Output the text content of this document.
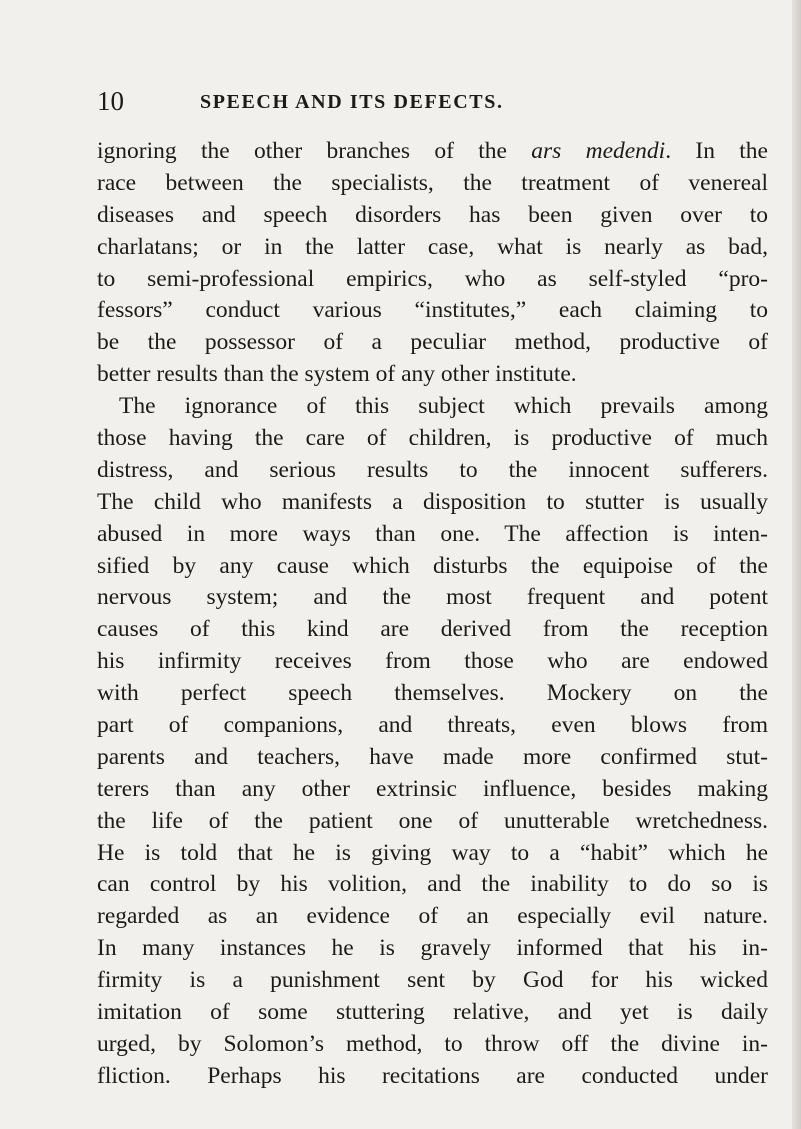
10	SPEECH AND ITS DEFECTS.
ignoring the other branches of the ars medendi. In the
race between the specialists, the treatment of venereal
diseases and speech disorders has been given over to
charlatans; or in the latter case, what is nearly as bad,
to semi-professional empirics, who as self-styled “pro-
fessors” conduct various “institutes,” each claiming to
be the possessor of a peculiar method, productive of
better results than the system of any other institute.
The ignorance of this subject which prevails among
those having the care of children, is productive of much
distress, and serious results to the innocent sufferers.
The child who manifests a disposition to stutter is usually
abused in more ways than one. The affection is inten-
sified by any cause which disturbs the equipoise of the
nervous system; and the most frequent and potent
causes of this kind are derived from the reception
his infirmity receives from those who are endowed
with perfect speech themselves. Mockery on the
part of companions, and threats, even blows from
parents and teachers, have made more confirmed stut-
terers than any other extrinsic influence, besides making
the life of the patient one of unutterable wretchedness.
He is told that he is giving way to a “habit” which he
can control by his volition, and the inability to do so is
regarded as an evidence of an especially evil nature.
In many instances he is gravely informed that his in-
firmity is a punishment sent by God for his wicked
imitation of some stuttering relative, and yet is daily
urged, by Solomon’s method, to throw off the divine in-
fliction. Perhaps his recitations are conducted under
